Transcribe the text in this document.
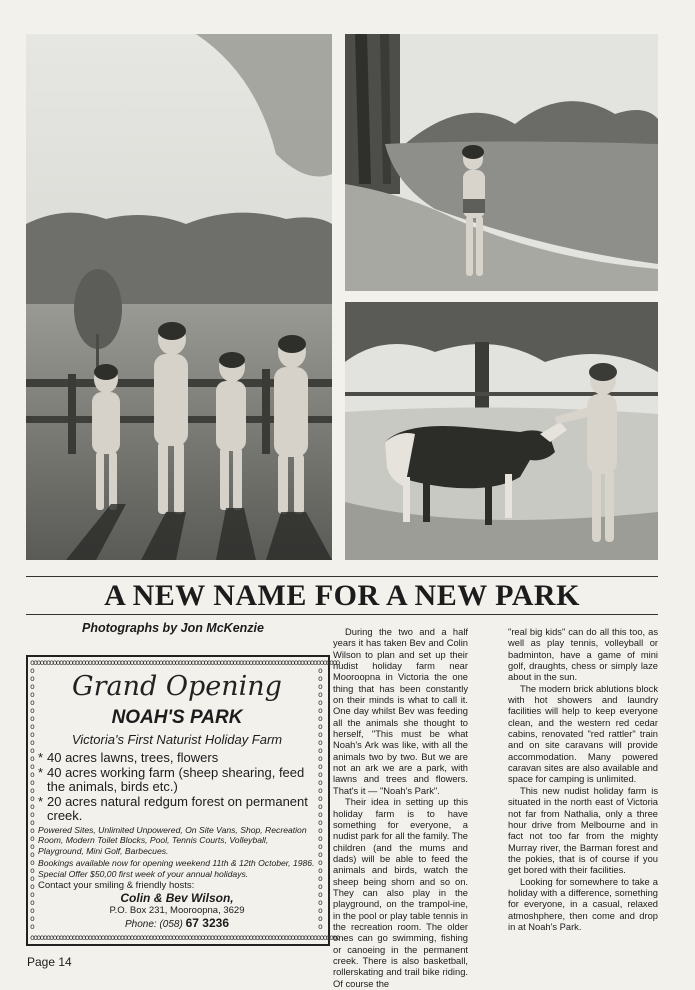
A NEW NAME FOR A NEW PARK
Photographs by Jon McKenzie
oooooooooooooooooooooooooooooooooooooooooooooooooooooooooooooooooooooooooooooooooooooooooooooooo
oooooooooooooooooooooooooooooooooooooooooooooooooooooooooooooooooooooooooooooooooooooooooooooooo
ooooooooooooooooooooooooooooooooo
ooooooooooooooooooooooooooooooooo
Grand Opening
NOAH'S PARK
Victoria's First Naturist Holiday Farm
* 40 acres lawns, trees, flowers
* 40 acres working farm (sheep shearing, feed the animals, birds etc.)
* 20 acres natural redgum forest on permanent creek.
Powered Sites, Unlimited Unpowered, On Site Vans, Shop, Recreation Room, Modern Toilet Blocks, Pool, Tennis Courts, Volleyball, Playground, Mini Golf, Barbecues.
Bookings available now for opening weekend 11th & 12th October, 1986. Special Offer $50,00 first week of your annual holidays.
Contact your smiling & friendly hosts:
Colin & Bev Wilson,
P.O. Box 231, Mooroopna, 3629
Phone: (058) 67 3236

During the two and a half years it has taken Bev and Colin Wilson to plan and set up their nudist holiday farm near Mooroopna in Victoria the one thing that has been constantly on their minds is what to call it. One day whilst Bev was feeding all the animals she thought to herself, "This must be what Noah's Ark was like, with all the animals two by two. But we are not an ark we are a park, with lawns and trees and flowers. That's it — "Noah's Park".

Their idea in setting up this holiday farm is to have something for everyone, a nudist park for all the family. The children (and the mums and dads) will be able to feed the animals and birds, watch the sheep being shorn and so on. They can also play in the playground, on the trampol-ine, in the pool or play table tennis in the recreation room. The older ones can go swimming, fishing or canoeing in the permanent creek. There is also basketball, rollerskating and trail bike riding. Of course the

"real big kids" can do all this too, as well as play tennis, volleyball or badminton, have a game of mini golf, draughts, chess or simply laze about in the sun.

The modern brick ablutions block with hot showers and laundry facilities will help to keep everyone clean, and the western red cedar cabins, renovated "red rattler" train and on site caravans will provide accommodation. Many powered caravan sites are also available and space for camping is unlimited.

This new nudist holiday farm is situated in the north east of Victoria not far from Nathalia, only a three hour drive from Melbourne and in fact not too far from the mighty Murray river, the Barman forest and the pokies, that is of course if you get bored with their facilities.

Looking for somewhere to take a holiday with a difference, something for everyone, in a casual, relaxed atmoshphere, then come and drop in at Noah's Park.

Page 14
